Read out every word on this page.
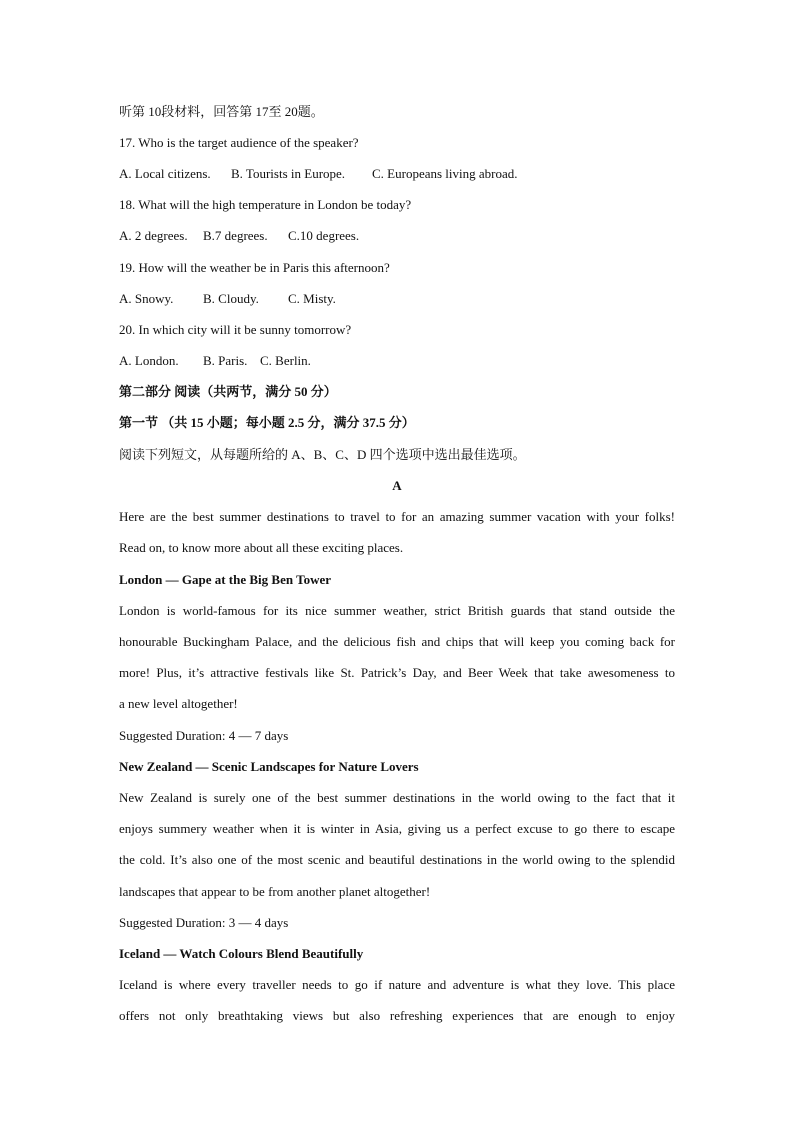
听第 10段材料，回答第 17至 20题。
17. Who is the target audience of the speaker?
A. Local citizens. B. Tourists in Europe. C. Europeans living abroad.
18. What will the high temperature in London be today?
A. 2 degrees. B.7 degrees. C.10 degrees.
19. How will the weather be in Paris this afternoon?
A. Snowy. B. Cloudy. C. Misty.
20. In which city will it be sunny tomorrow?
A. London. B. Paris. C. Berlin.
第二部分 阅读（共两节，满分 50 分）
第一节 （共 15 小题；每小题 2.5 分，满分 37.5 分）
阅读下列短文，从每题所给的 A、B、C、D 四个选项中选出最佳选项。
A
Here are the best summer destinations to travel to for an amazing summer vacation with your folks!
Read on, to know more about all these exciting places.
London — Gape at the Big Ben Tower
London is world-famous for its nice summer weather, strict British guards that stand outside the
honourable Buckingham Palace, and the delicious fish and chips that will keep you coming back for
more! Plus, it’s attractive festivals like St. Patrick’s Day, and Beer Week that take awesomeness to
a new level altogether!
Suggested Duration: 4 — 7 days
New Zealand — Scenic Landscapes for Nature Lovers
New Zealand is surely one of the best summer destinations in the world owing to the fact that it
enjoys summery weather when it is winter in Asia, giving us a perfect excuse to go there to escape
the cold. It’s also one of the most scenic and beautiful destinations in the world owing to the splendid
landscapes that appear to be from another planet altogether!
Suggested Duration: 3 — 4 days
Iceland — Watch Colours Blend Beautifully
Iceland is where every traveller needs to go if nature and adventure is what they love. This place
offers not only breathtaking views but also refreshing experiences that are enough to enjoy
